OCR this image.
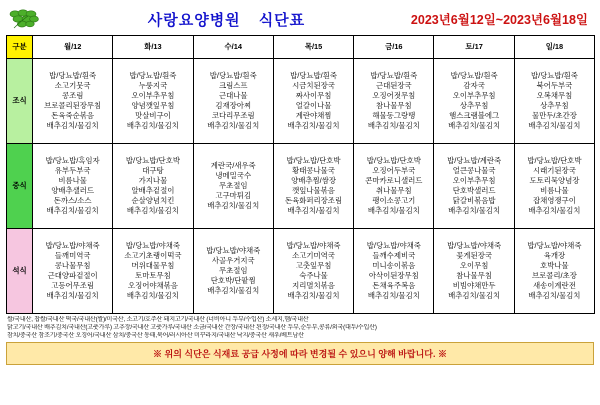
사랑요양병원 식단표	2023년6월12일~2023년6월18일
구분	월/12	화/13	수/14	목/15	금/16	토/17	일/18
조식	
밥/당뇨밥/흰죽
소고기뭇국
콩조림
브로콜리된장무침
돈육죽순볶음
배추김치/물김치

밥/당뇨밥/흰죽
누룽지국
오이부추무침
양념깻잎무침
맛살비구이
배추김치/물김치

밥/당뇨밥/흰죽
크림스프
근대나물
김재장아찌
코다리무조림
배추김치/물김치

밥/당뇨밥/흰죽
시금치된장국
짜사이무침
얼갈이나물
계란야채찜
배추김치/물김치

밥/당뇨밥/흰죽
근대된장국
오징어젓무침
참나물무침
해물동그랑땡
배추김치/물김치

밥/당뇨밥/흰죽
감자국
오이부추무침
상추무침
햄스크램블에그
배추김치/물김치

밥/당뇨밥/흰죽
북어두부국
오복채무침
상추무침
물만두/초간장
배추김치/물김치

중식	
밥/당뇨밥/흑임자
유부두부국
비름나물
양배추샐러드
돈까스/소스
배추김치/물김치

밥/당뇨밥/단호박
대구탕
가지나물
알배추겉절이
순살양념치킨
배추김치/물김치

계란국/새우죽
냉메밀국수
무초절임
고구마튀김
배추김치/물김치

밥/당뇨밥/단호박
황태콩나물국
양배추찜/쌈장
깻잎나물볶음
돈육화퍼리장조림
배추김치/물김치

밥/당뇨밥/단호박
오징어두부국
콘마카로니샐러드
취나물무침
팽이소콩고기
배추김치/물김치

밥/당뇨밥/계란죽
얼큰콩나물국
오이부추무침
단호박샐러드
닭갈비볶음밥
배추김치/물김치

밥/당뇨밥/단호박
시래기된장국
도토리묵양념장
비름나물
잡채영쟁구이
배추김치/물김치

석식	
밥/당뇨밥/야채죽
들깨미역국
콩나물무침
근대양파겉절이
고등어무조림
배추김치/물김치

밥/당뇨밥/야채죽
소고기초랭이떡국
머위대물무침
토마토무침
오징어야채볶음
배추김치/물김치

밥/당뇨밥/야채죽
사골우거지국
무초절임
단호박/단팥찜
배추김치/물김치

밥/당뇨밥/야채죽
소고기미역국
고춧잎무침
숙주나물
지리멸치볶음
배추김치/물김치

밥/당뇨밥/야채죽
들깨수제비국
미니송이볶음
아삭이된장무침
돈채육주복음
배추김치/물김치

밥/당뇨밥/야채죽
꽃게된장국
오이무침
참나물무침
비빔야채만두
배추김치/물김치

밥/당뇨밥/야채죽
육개장
호박나물
브로콜리/초장
새송이계란전
배추김치/물김치
쌀/국내산, 찹쌀/국내산 떡국/국내산(쌀)/미국산, 소고기/호주산 돼지고기/국내산 (너비아니 두부/수입산) 소세지,햄/국내산
닭고기/국내산 배추김치/국내산(고춧가루) 고추장/국내산 고춧가루/국내산 소금/국내산 간장/국내산 된장/국내산 두부,순두부,콩류/외국(대두/수입산)
참치/중국산 참조기/중국산 오징어/국내산 삼치/중국산 동태,북어/러시아산 미꾸라지/국내산 낙지/중국산 새우/베트남산
※ 위의 식단은 식재료 공급 사정에 따라 변경될 수 있으니 양해 바랍니다. ※
